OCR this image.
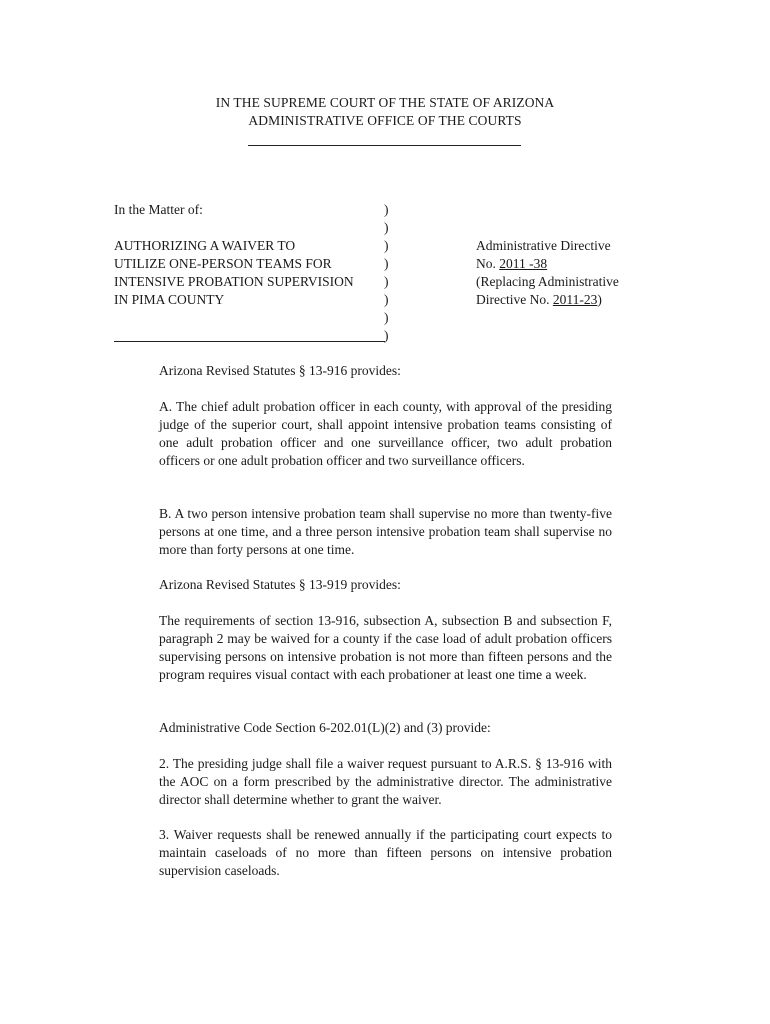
IN THE SUPREME COURT OF THE STATE OF ARIZONA
ADMINISTRATIVE OFFICE OF THE COURTS
In the Matter of:
AUTHORIZING A WAIVER TO
UTILIZE ONE-PERSON TEAMS FOR
INTENSIVE PROBATION SUPERVISION
IN PIMA COUNTY
)
)
)
)
)
)
)
)
Administrative Directive
No. 2011 -38
(Replacing Administrative
Directive No. 2011-23)
Arizona Revised Statutes § 13-916 provides:
A. The chief adult probation officer in each county, with approval of the presiding judge of the superior court, shall appoint intensive probation teams consisting of one adult probation officer and one surveillance officer, two adult probation officers or one adult probation officer and two surveillance officers.
B. A two person intensive probation team shall supervise no more than twenty-five persons at one time, and a three person intensive probation team shall supervise no more than forty persons at one time.
Arizona Revised Statutes § 13-919 provides:
The requirements of section 13-916, subsection A, subsection B and subsection F, paragraph 2 may be waived for a county if the case load of adult probation officers supervising persons on intensive probation is not more than fifteen persons and the program requires visual contact with each probationer at least one time a week.
Administrative Code Section 6-202.01(L)(2) and (3) provide:
2. The presiding judge shall file a waiver request pursuant to A.R.S. § 13-916 with the AOC on a form prescribed by the administrative director. The administrative director shall determine whether to grant the waiver.
3. Waiver requests shall be renewed annually if the participating court expects to maintain caseloads of no more than fifteen persons on intensive probation supervision caseloads.
